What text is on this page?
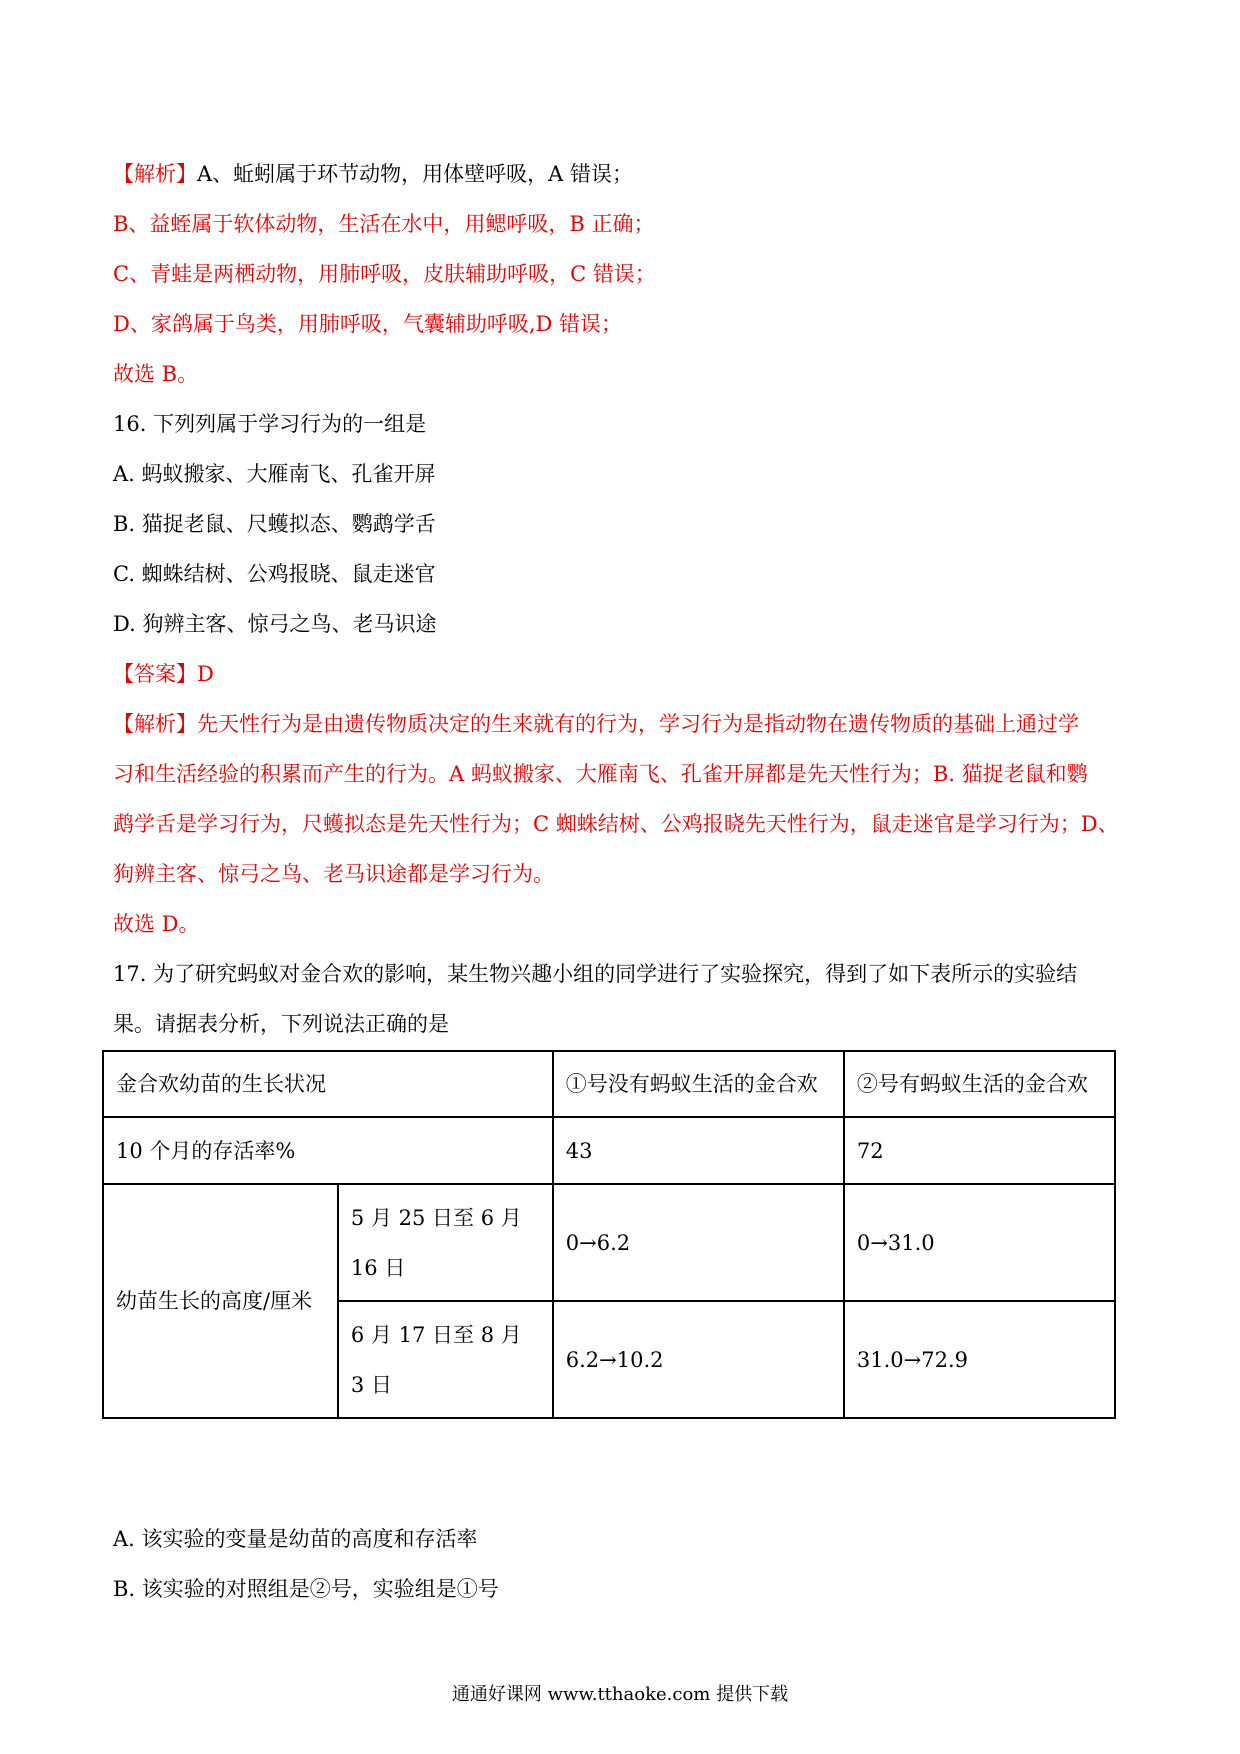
【解析】A、蚯蚓属于环节动物，用体壁呼吸，A 错误；
B、益蛭属于软体动物，生活在水中，用鳃呼吸，B 正确；
C、青蛙是两栖动物，用肺呼吸，皮肤辅助呼吸，C 错误；
D、家鸽属于鸟类，用肺呼吸，气囊辅助呼吸,D 错误；
故选 B。
16. 下列列属于学习行为的一组是
A. 蚂蚁搬家、大雁南飞、孔雀开屏
B. 猫捉老鼠、尺蠖拟态、鹦鹉学舌
C. 蜘蛛结树、公鸡报晓、鼠走迷官
D. 狗辨主客、惊弓之鸟、老马识途
【答案】D
【解析】先天性行为是由遗传物质决定的生来就有的行为，学习行为是指动物在遗传物质的基础上通过学
习和生活经验的积累而产生的行为。A 蚂蚁搬家、大雁南飞、孔雀开屏都是先天性行为；B. 猫捉老鼠和鹦
鹉学舌是学习行为，尺蠖拟态是先天性行为；C 蜘蛛结树、公鸡报晓先天性行为，鼠走迷官是学习行为；D、
狗辨主客、惊弓之鸟、老马识途都是学习行为。
故选 D。
17. 为了研究蚂蚁对金合欢的影响，某生物兴趣小组的同学进行了实验探究，得到了如下表所示的实验结
果。请据表分析，下列说法正确的是
金合欢幼苗的生长状况		①号没有蚂蚁生活的金合欢	②号有蚂蚁生活的金合欢
10 个月的存活率%		43	72
幼苗生长的高度/厘米	5 月 25 日至 6 月 16 日	0→6.2	0→31.0
	6 月 17 日至 8 月 3 日	6.2→10.2	31.0→72.9
A. 该实验的变量是幼苗的高度和存活率
B. 该实验的对照组是②号，实验组是①号
通通好课网 www.tthaoke.com 提供下载
